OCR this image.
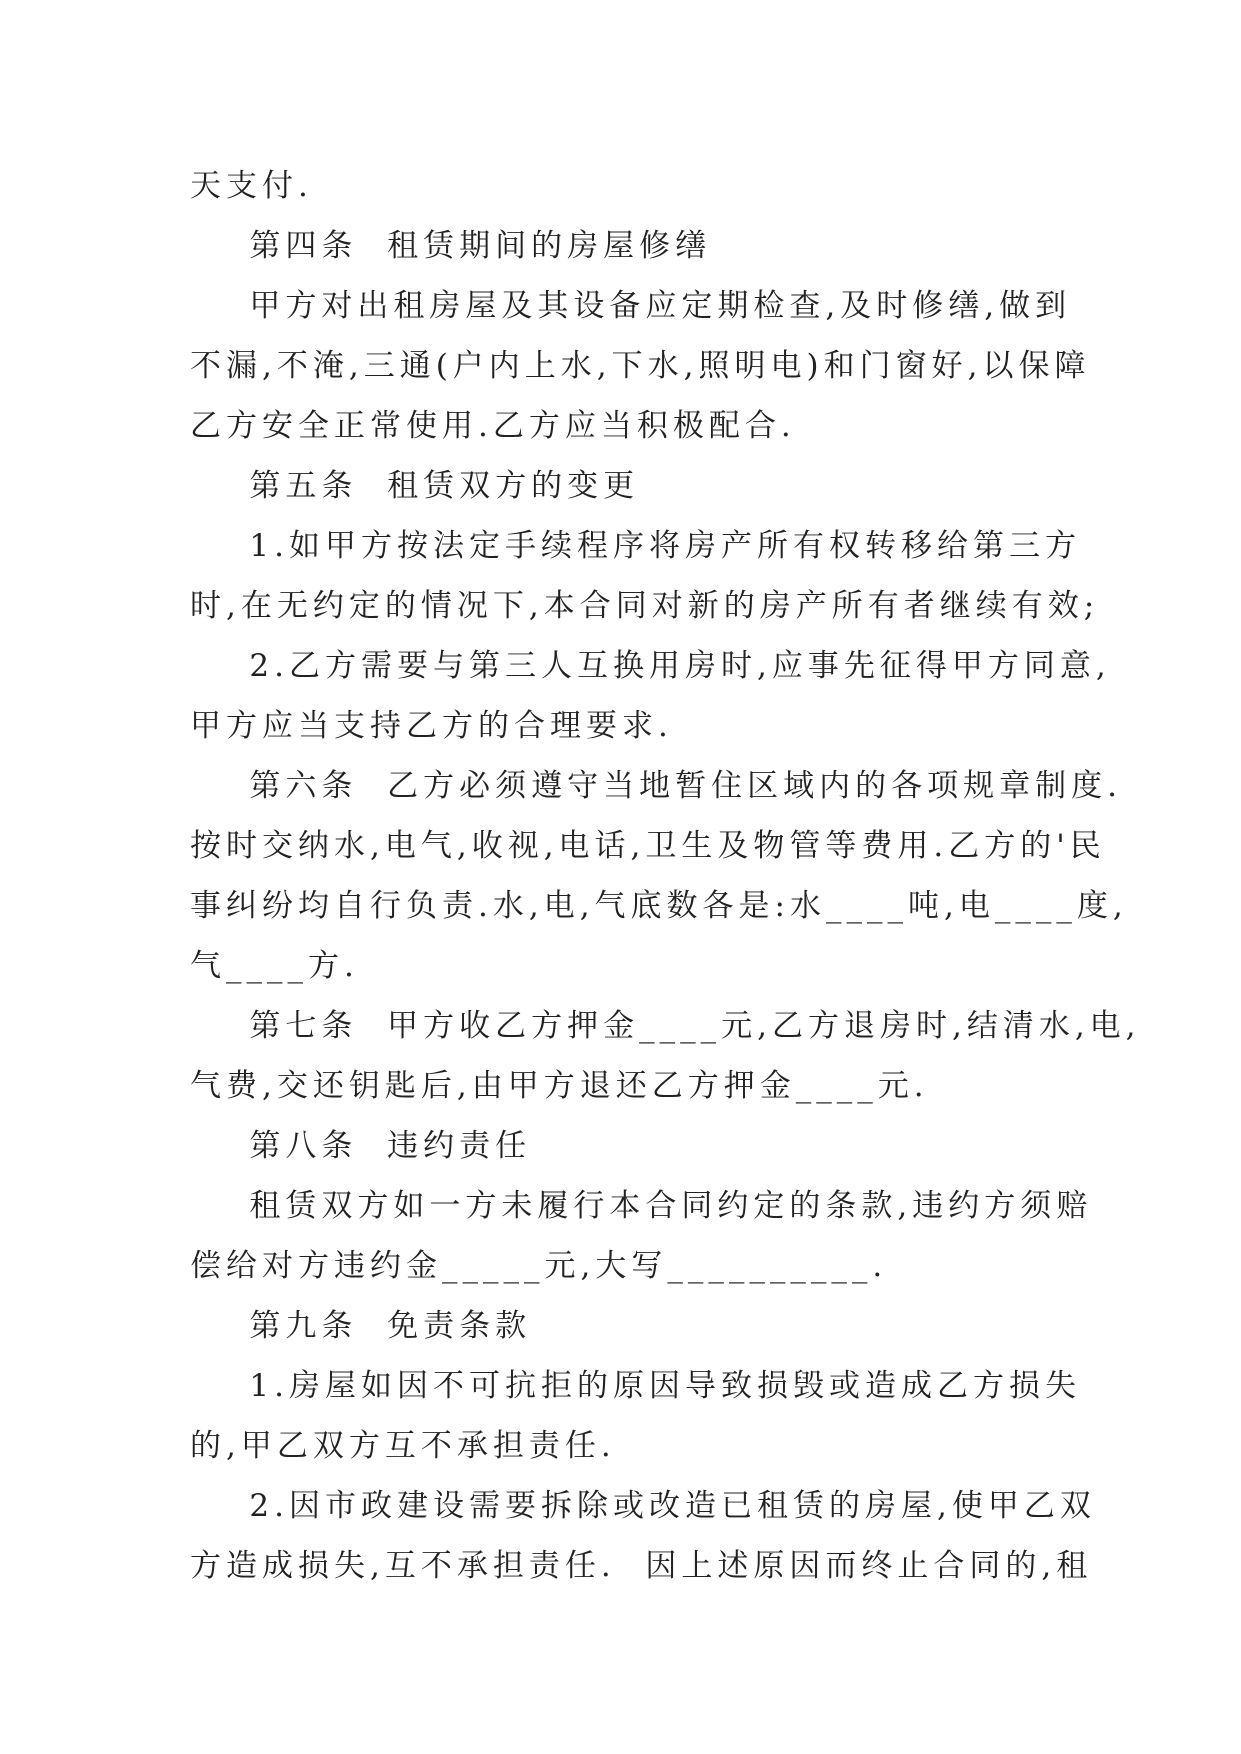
天支付.
第四条  租赁期间的房屋修缮
甲方对出租房屋及其设备应定期检查,及时修缮,做到
不漏,不淹,三通(户内上水,下水,照明电)和门窗好,以保障
乙方安全正常使用.乙方应当积极配合.
第五条  租赁双方的变更
1.如甲方按法定手续程序将房产所有权转移给第三方
时,在无约定的情况下,本合同对新的房产所有者继续有效;
2.乙方需要与第三人互换用房时,应事先征得甲方同意,
甲方应当支持乙方的合理要求.
第六条  乙方必须遵守当地暂住区域内的各项规章制度.
按时交纳水,电气,收视,电话,卫生及物管等费用.乙方的'民
事纠纷均自行负责.水,电,气底数各是:水____吨,电____度,
气____方.
第七条  甲方收乙方押金____元,乙方退房时,结清水,电,
气费,交还钥匙后,由甲方退还乙方押金____元.
第八条  违约责任
租赁双方如一方未履行本合同约定的条款,违约方须赔
偿给对方违约金_____元,大写__________.
第九条  免责条款
1.房屋如因不可抗拒的原因导致损毁或造成乙方损失
的,甲乙双方互不承担责任.
2.因市政建设需要拆除或改造已租赁的房屋,使甲乙双
方造成损失,互不承担责任.  因上述原因而终止合同的,租
